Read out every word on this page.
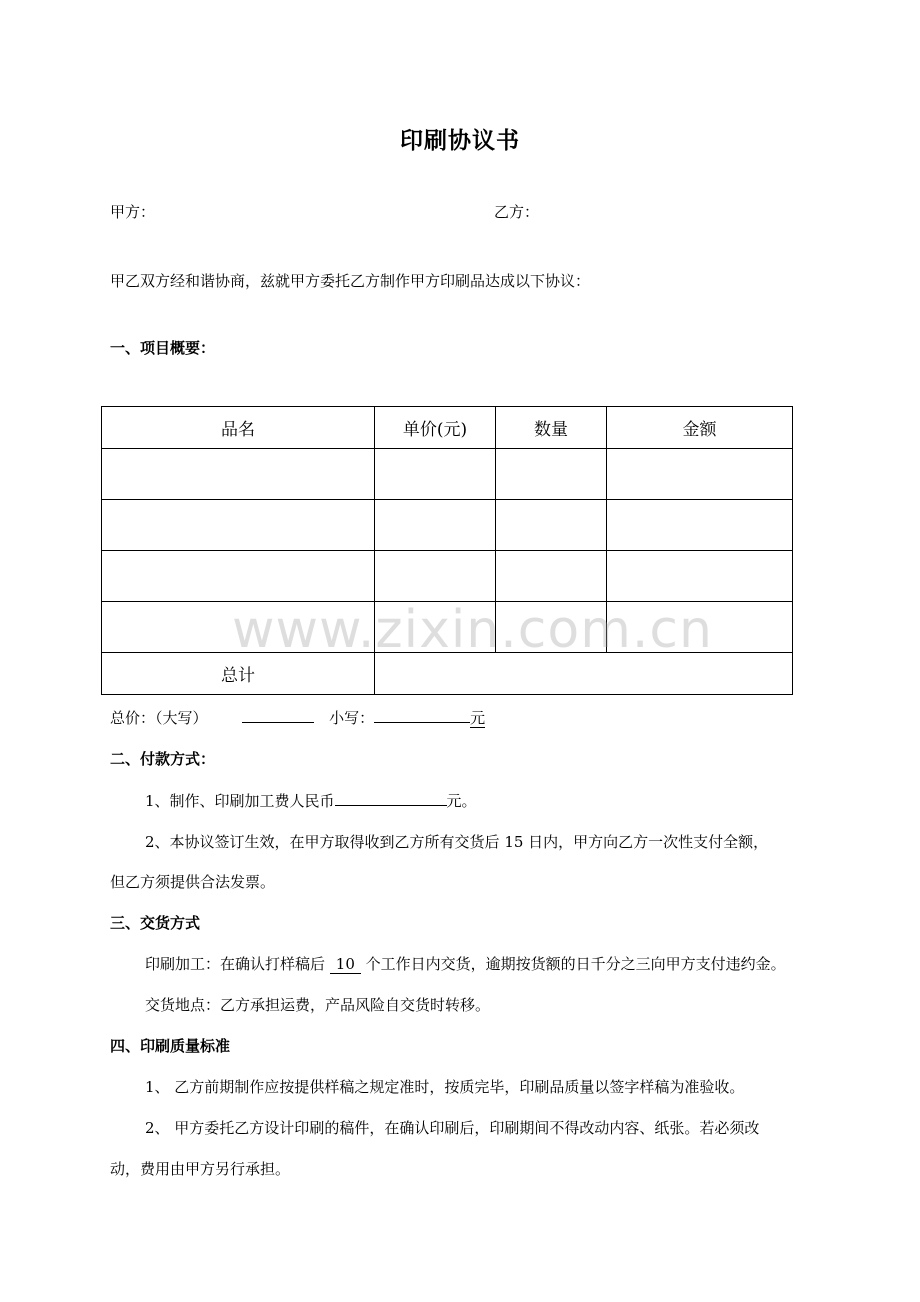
印刷协议书
甲方：	乙方：
甲乙双方经和谐协商，兹就甲方委托乙方制作甲方印刷品达成以下协议：
一、项目概要：
品名	单价(元)	数量	金额

总计			
www.zixin.com.cn
总价：（大写）	小写：	元
二、付款方式：
1、制作、印刷加工费人民币	元。
2、本协议签订生效，在甲方取得收到乙方所有交货后 15 日内，甲方向乙方一次性支付全额，
但乙方须提供合法发票。
三、交货方式
印刷加工：在确认打样稿后 10 个工作日内交货，逾期按货额的日千分之三向甲方支付违约金。
交货地点：乙方承担运费，产品风险自交货时转移。
四、印刷质量标准
1、 乙方前期制作应按提供样稿之规定准时，按质完毕，印刷品质量以签字样稿为准验收。
2、 甲方委托乙方设计印刷的稿件，在确认印刷后，印刷期间不得改动内容、纸张。若必须改
动，费用由甲方另行承担。
